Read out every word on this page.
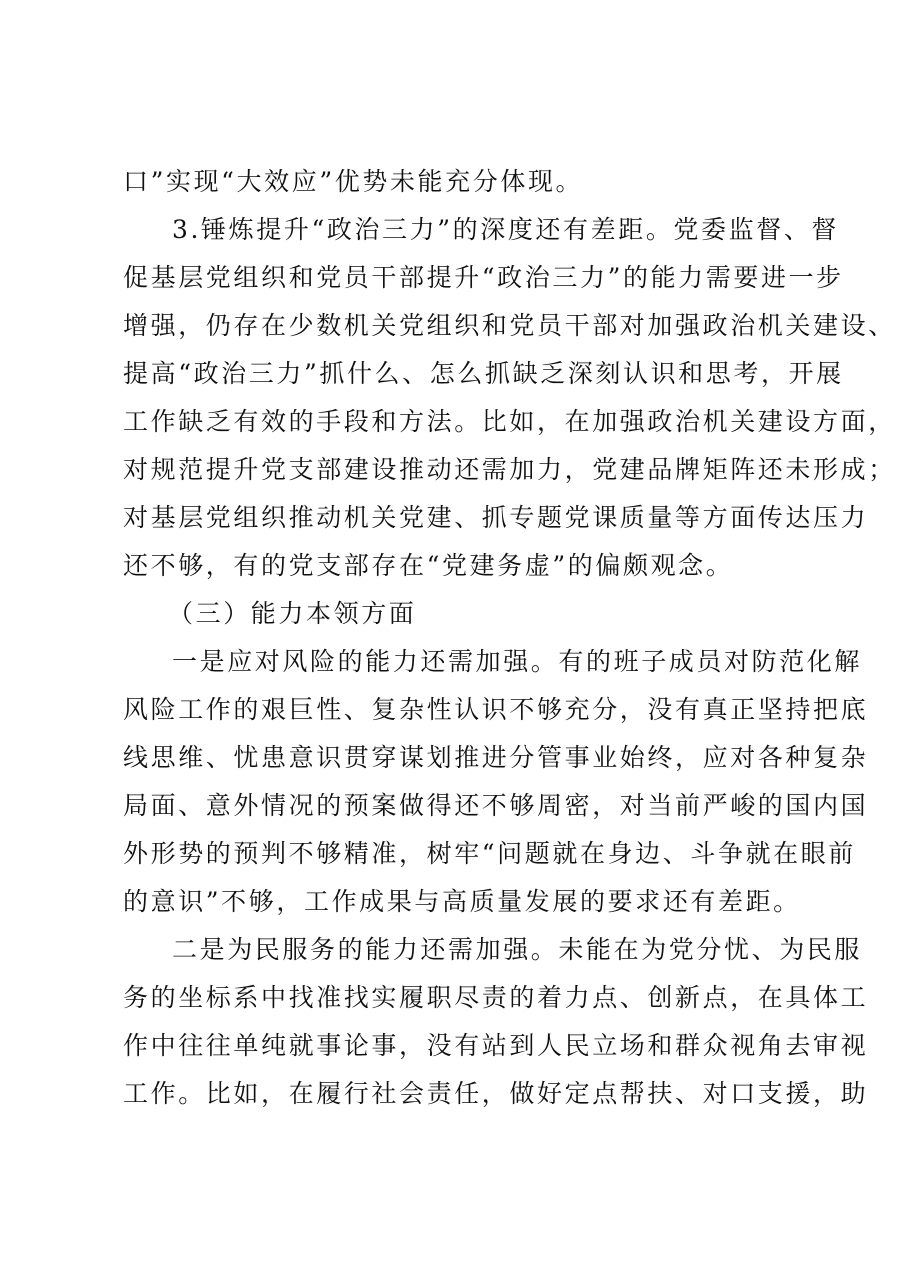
口”实现“大效应”优势未能充分体现。
3.锤炼提升“政治三力”的深度还有差距。党委监督、督
促基层党组织和党员干部提升“政治三力”的能力需要进一步
增强，仍存在少数机关党组织和党员干部对加强政治机关建设、
提高“政治三力”抓什么、怎么抓缺乏深刻认识和思考，开展
工作缺乏有效的手段和方法。比如，在加强政治机关建设方面，
对规范提升党支部建设推动还需加力，党建品牌矩阵还未形成；
对基层党组织推动机关党建、抓专题党课质量等方面传达压力
还不够，有的党支部存在“党建务虚”的偏颇观念。
（三）能力本领方面
一是应对风险的能力还需加强。有的班子成员对防范化解
风险工作的艰巨性、复杂性认识不够充分，没有真正坚持把底
线思维、忧患意识贯穿谋划推进分管事业始终，应对各种复杂
局面、意外情况的预案做得还不够周密，对当前严峻的国内国
外形势的预判不够精准，树牢“问题就在身边、斗争就在眼前
的意识”不够，工作成果与高质量发展的要求还有差距。
二是为民服务的能力还需加强。未能在为党分忧、为民服
务的坐标系中找准找实履职尽责的着力点、创新点，在具体工
作中往往单纯就事论事，没有站到人民立场和群众视角去审视
工作。比如，在履行社会责任，做好定点帮扶、对口支援，助
